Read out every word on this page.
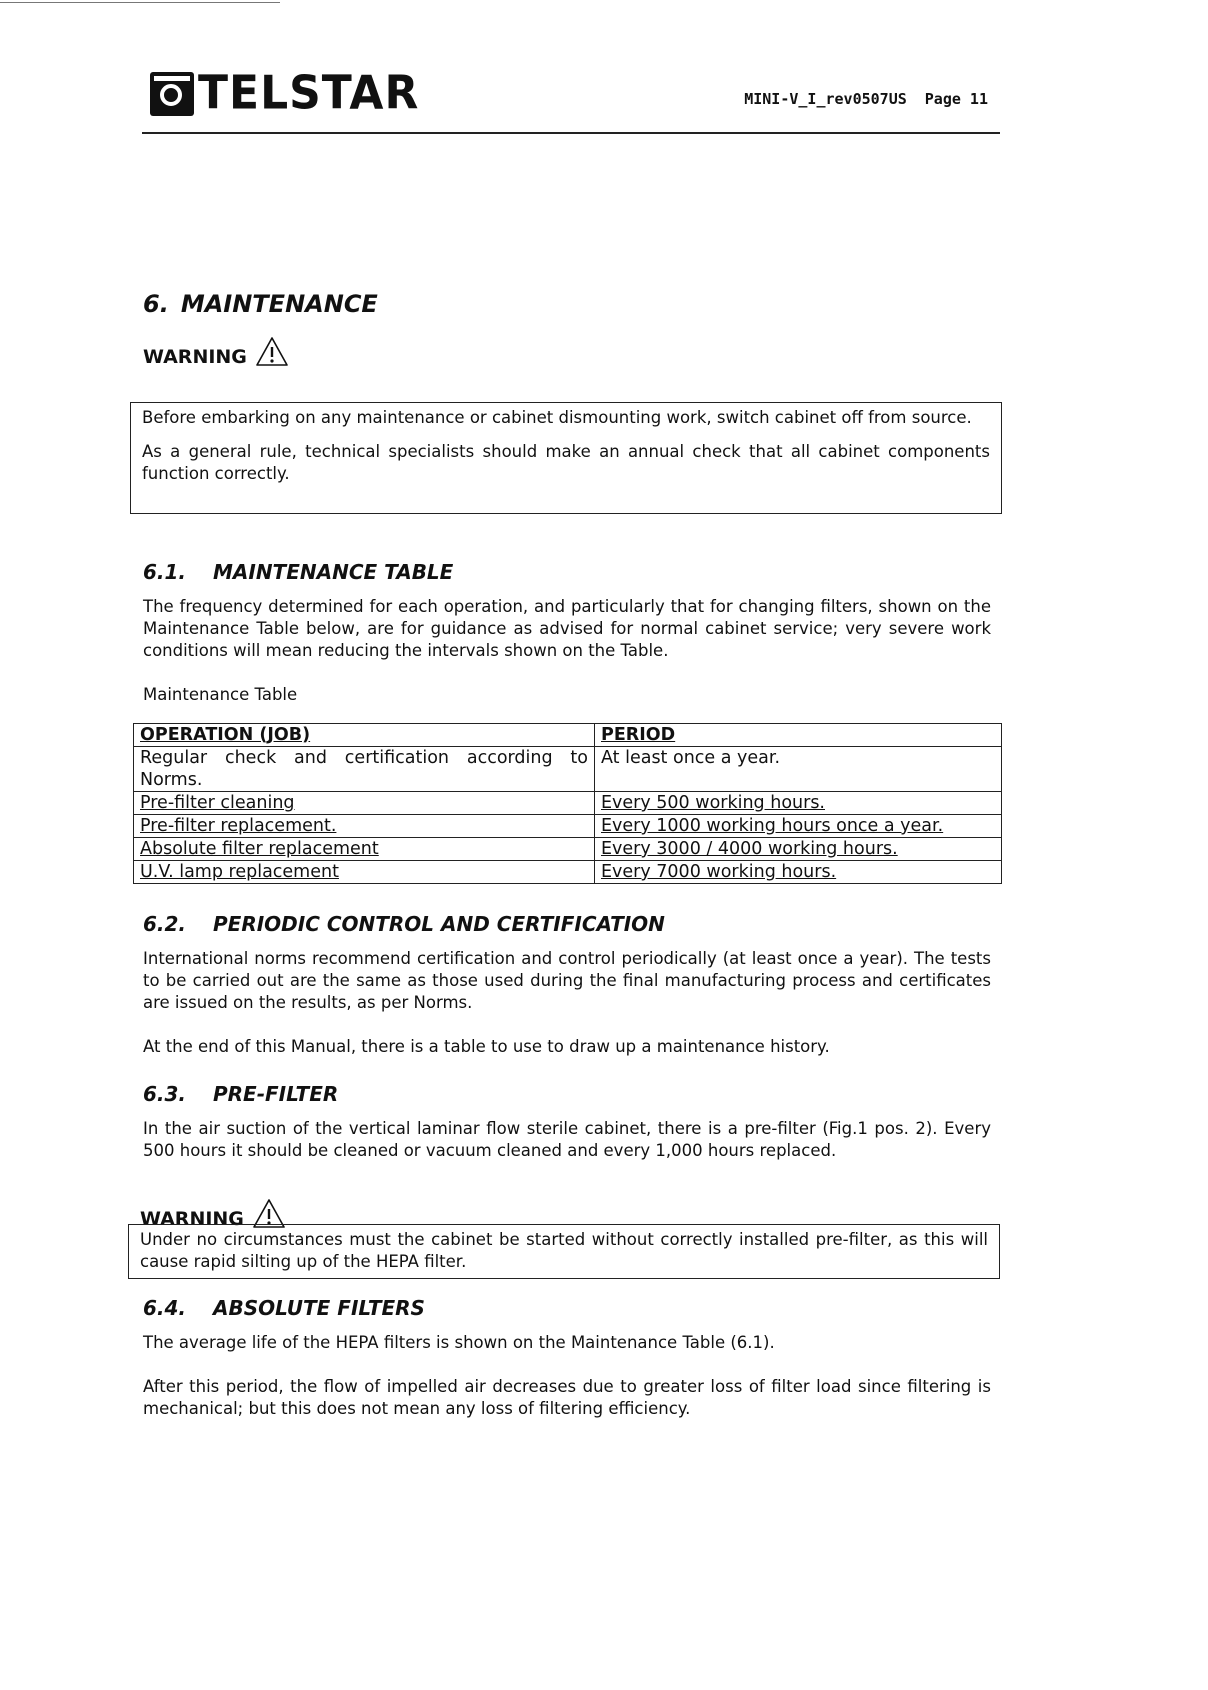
TELSTAR	MINI-V_I_rev0507US Page 11
6. MAINTENANCE
WARNING

Before embarking on any maintenance or cabinet dismounting work, switch cabinet off from source.

As a general rule, technical specialists should make an annual check that all cabinet components function correctly.

6.1. MAINTENANCE TABLE

The frequency determined for each operation, and particularly that for changing filters, shown on the Maintenance Table below, are for guidance as advised for normal cabinet service; very severe work conditions will mean reducing the intervals shown on the Table.

Maintenance Table

OPERATION (JOB)	PERIOD
Regular check and certification according to Norms.	At least once a year.
Pre-filter cleaning	Every 500 working hours.
Pre-filter replacement.	Every 1000 working hours once a year.
Absolute filter replacement	Every 3000 / 4000 working hours.
U.V. lamp replacement	Every 7000 working hours.
6.2. PERIODIC CONTROL AND CERTIFICATION

International norms recommend certification and control periodically (at least once a year). The tests to be carried out are the same as those used during the final manufacturing process and certificates are issued on the results, as per Norms.

At the end of this Manual, there is a table to use to draw up a maintenance history.

6.3. PRE-FILTER

In the air suction of the vertical laminar flow sterile cabinet, there is a pre-filter (Fig.1 pos. 2). Every 500 hours it should be cleaned or vacuum cleaned and every 1,000 hours replaced.

WARNING

Under no circumstances must the cabinet be started without correctly installed pre-filter, as this will cause rapid silting up of the HEPA filter.

6.4. ABSOLUTE FILTERS

The average life of the HEPA filters is shown on the Maintenance Table (6.1).

After this period, the flow of impelled air decreases due to greater loss of filter load since filtering is mechanical; but this does not mean any loss of filtering efficiency.
